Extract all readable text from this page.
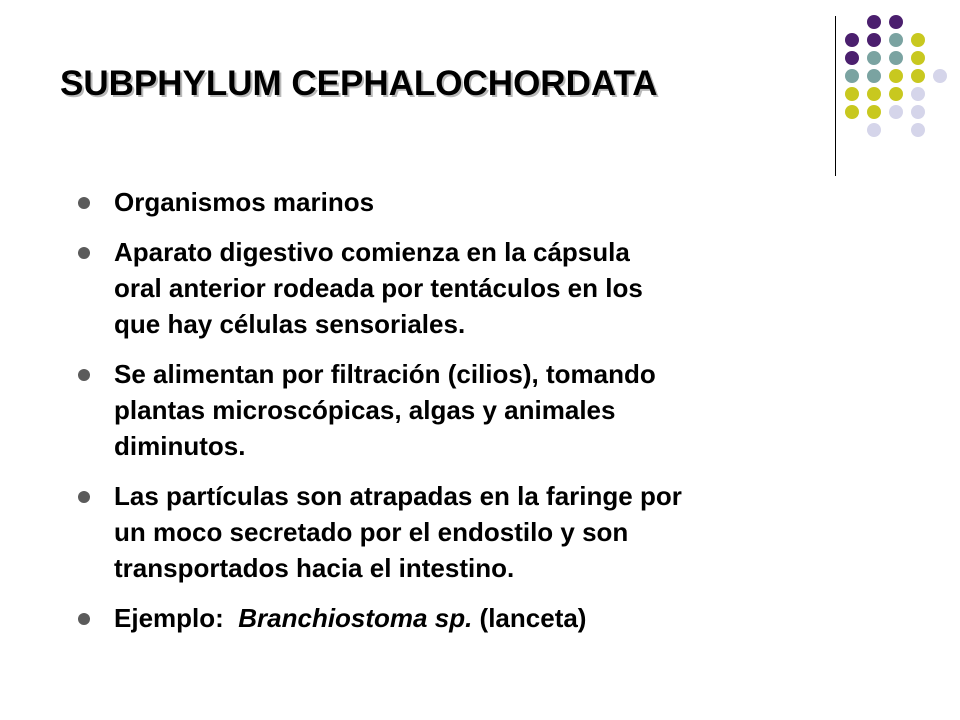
SUBPHYLUM CEPHALOCHORDATA
Organismos marinos
Aparato digestivo comienza en la cápsula
oral anterior rodeada por tentáculos en los
que hay células sensoriales.
Se alimentan por filtración (cilios), tomando
plantas microscópicas, algas y animales
diminutos.
Las partículas son atrapadas en la faringe por
un moco secretado por el endostilo y son
transportados hacia el intestino.
Ejemplo: Branchiostoma sp. (lanceta)
